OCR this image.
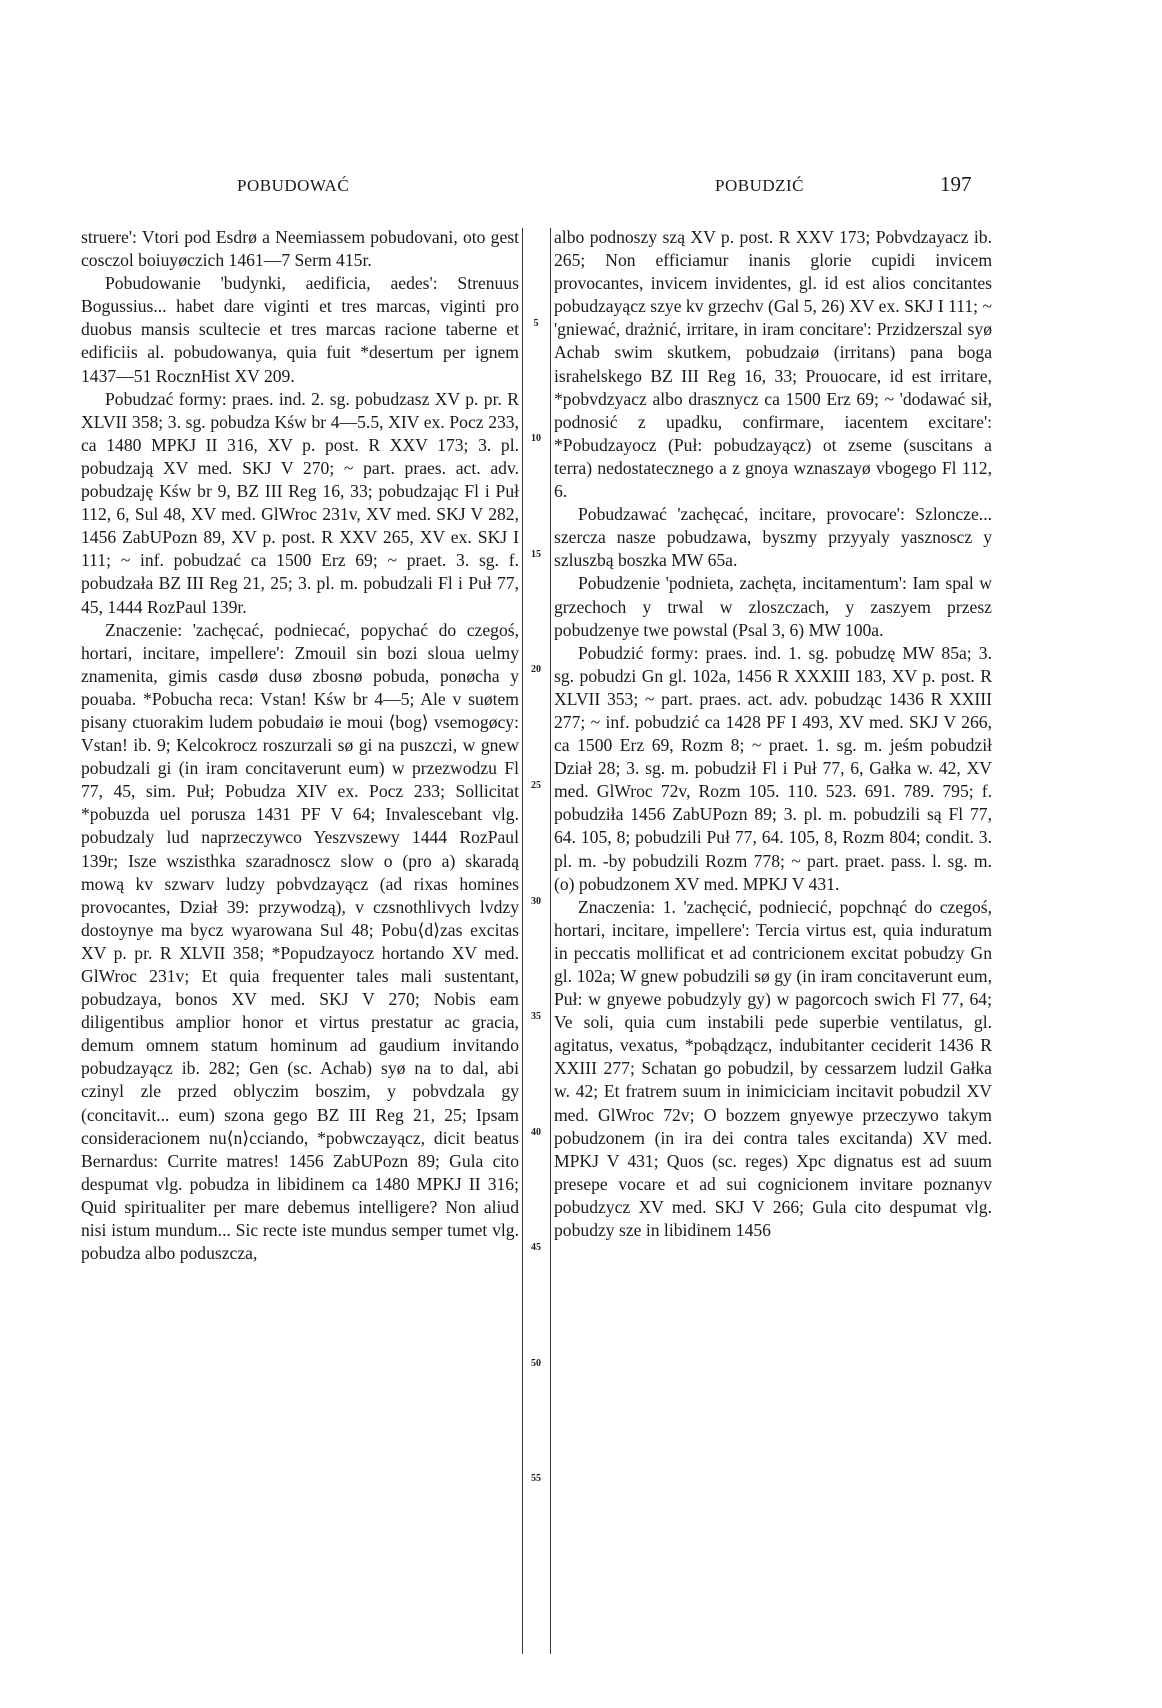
POBUDOWAĆ	POBUDZIĆ	197

struere': Vtori pod Esdrø a Neemiassem pobudovani, oto gest cosczol boiuyøczich 1461—7 Serm 415r.

Pobudowanie 'budynki, aedificia, aedes': Strenuus Bogussius... habet dare viginti et tres marcas, viginti pro duobus mansis scultecie et tres marcas racione taberne et edificiis al. pobudowanya, quia fuit *desertum per ignem 1437—51 RocznHist XV 209.

Pobudzać formy: praes. ind. 2. sg. pobudzasz XV p. pr. R XLVII 358; 3. sg. pobudza Kśw br 4—5.5, XIV ex. Pocz 233, ca 1480 MPKJ II 316, XV p. post. R XXV 173; 3. pl. pobudzają XV med. SKJ V 270; ~ part. praes. act. adv. pobudzaję Kśw br 9, BZ III Reg 16, 33; pobudzając Fl i Puł 112, 6, Sul 48, XV med. GlWroc 231v, XV med. SKJ V 282, 1456 ZabUPozn 89, XV p. post. R XXV 265, XV ex. SKJ I 111; ~ inf. pobudzać ca 1500 Erz 69; ~ praet. 3. sg. f. pobudzała BZ III Reg 21, 25; 3. pl. m. pobudzali Fl i Puł 77, 45, 1444 RozPaul 139r.

Znaczenie: 'zachęcać, podniecać, popychać do czegoś, hortari, incitare, impellere': Zmouil sin bozi sloua uelmy znamenita, gimis casdø dusø zbosnø pobuda, ponøcha y pouaba. *Pobucha reca: Vstan! Kśw br 4—5; Ale v suøtem pisany ctuorakim ludem pobudaiø ie moui ⟨bog⟩ vsemogøcy: Vstan! ib. 9; Kelcokrocz roszurzali sø gi na puszczi, w gnew pobudzali gi (in iram concitaverunt eum) w przezwodzu Fl 77, 45, sim. Puł; Pobudza XIV ex. Pocz 233; Sollicitat *pobuzda uel porusza 1431 PF V 64; Invalescebant vlg. pobudzaly lud naprzeczywco Yeszvszewy 1444 RozPaul 139r; Isze wszisthka szaradnoscz slow o (pro a) skaradą mową kv szwarv ludzy pobvdzayącz (ad rixas homines provocantes, Dział 39: przywodzą), v czsnothlivych lvdzy dostoynye ma bycz wyarowana Sul 48; Pobu⟨d⟩zas excitas XV p. pr. R XLVII 358; *Popudzayocz hortando XV med. GlWroc 231v; Et quia frequenter tales mali sustentant, pobudzaya, bonos XV med. SKJ V 270; Nobis eam diligentibus amplior honor et virtus prestatur ac gracia, demum omnem statum hominum ad gaudium invitando pobudzayącz ib. 282; Gen (sc. Achab) syø na to dal, abi czinyl zle przed oblyczim boszim, y pobvdzala gy (concitavit... eum) szona gego BZ III Reg 21, 25; Ipsam consideracionem nu⟨n⟩cciando, *pobwczayącz, dicit beatus Bernardus: Currite matres! 1456 ZabUPozn 89; Gula cito despumat vlg. pobudza in libidinem ca 1480 MPKJ II 316; Quid spiritualiter per mare debemus intelligere? Non aliud nisi istum mundum... Sic recte iste mundus semper tumet vlg. pobudza albo poduszcza,

5
10
15
20
25
30
35
40
45
50
55

albo podnoszy szą XV p. post. R XXV 173; Pobvdzayacz ib. 265; Non efficiamur inanis glorie cupidi invicem provocantes, invicem invidentes, gl. id est alios concitantes pobudzayącz szye kv grzechv (Gal 5, 26) XV ex. SKJ I 111; ~ 'gniewać, drażnić, irritare, in iram concitare': Przidzerszal syø Achab swim skutkem, pobudzaiø (irritans) pana boga israhelskego BZ III Reg 16, 33; Prouocare, id est irritare, *pobvdzyacz albo drasznycz ca 1500 Erz 69; ~ 'dodawać sił, podnosić z upadku, confirmare, iacentem excitare': *Pobudzayocz (Puł: pobudzayącz) ot zseme (suscitans a terra) nedostatecznego a z gnoya wznaszayø vbogego Fl 112, 6.

Pobudzawać 'zachęcać, incitare, provocare': Szloncze... szercza nasze pobudzawa, byszmy przyyaly yasznoscz y szluszbą boszka MW 65a.

Pobudzenie 'podnieta, zachęta, incitamentum': Iam spal w grzechoch y trwal w zloszczach, y zaszyem przesz pobudzenye twe powstal (Psal 3, 6) MW 100a.

Pobudzić formy: praes. ind. 1. sg. pobudzę MW 85a; 3. sg. pobudzi Gn gl. 102a, 1456 R XXXIII 183, XV p. post. R XLVII 353; ~ part. praes. act. adv. pobudząc 1436 R XXIII 277; ~ inf. pobudzić ca 1428 PF I 493, XV med. SKJ V 266, ca 1500 Erz 69, Rozm 8; ~ praet. 1. sg. m. jeśm pobudził Dział 28; 3. sg. m. pobudził Fl i Puł 77, 6, Gałka w. 42, XV med. GlWroc 72v, Rozm 105. 110. 523. 691. 789. 795; f. pobudziła 1456 ZabUPozn 89; 3. pl. m. pobudzili są Fl 77, 64. 105, 8; pobudzili Puł 77, 64. 105, 8, Rozm 804; condit. 3. pl. m. -by pobudzili Rozm 778; ~ part. praet. pass. l. sg. m. (o) pobudzonem XV med. MPKJ V 431.

Znaczenia: 1. 'zachęcić, podniecić, popchnąć do czegoś, hortari, incitare, impellere': Tercia virtus est, quia induratum in peccatis mollificat et ad contricionem excitat pobudzy Gn gl. 102a; W gnew pobudzili sø gy (in iram concitaverunt eum, Puł: w gnyewe pobudzyly gy) w pagorcoch swich Fl 77, 64; Ve soli, quia cum instabili pede superbie ventilatus, gl. agitatus, vexatus, *pobądząсz, indubitanter ceciderit 1436 R XXIII 277; Schatan go pobudzil, by cessarzem ludzil Gałka w. 42; Et fratrem suum in inimiciciam incitavit pobudzil XV med. GlWroc 72v; O bozzem gnyewye przeczywo takym pobudzonem (in ira dei contra tales excitanda) XV med. MPKJ V 431; Quos (sc. reges) Xpc dignatus est ad suum presepe vocare et ad sui cognicionem invitare poznanyv pobudzycz XV med. SKJ V 266; Gula cito despumat vlg. pobudzy sze in libidinem 1456
